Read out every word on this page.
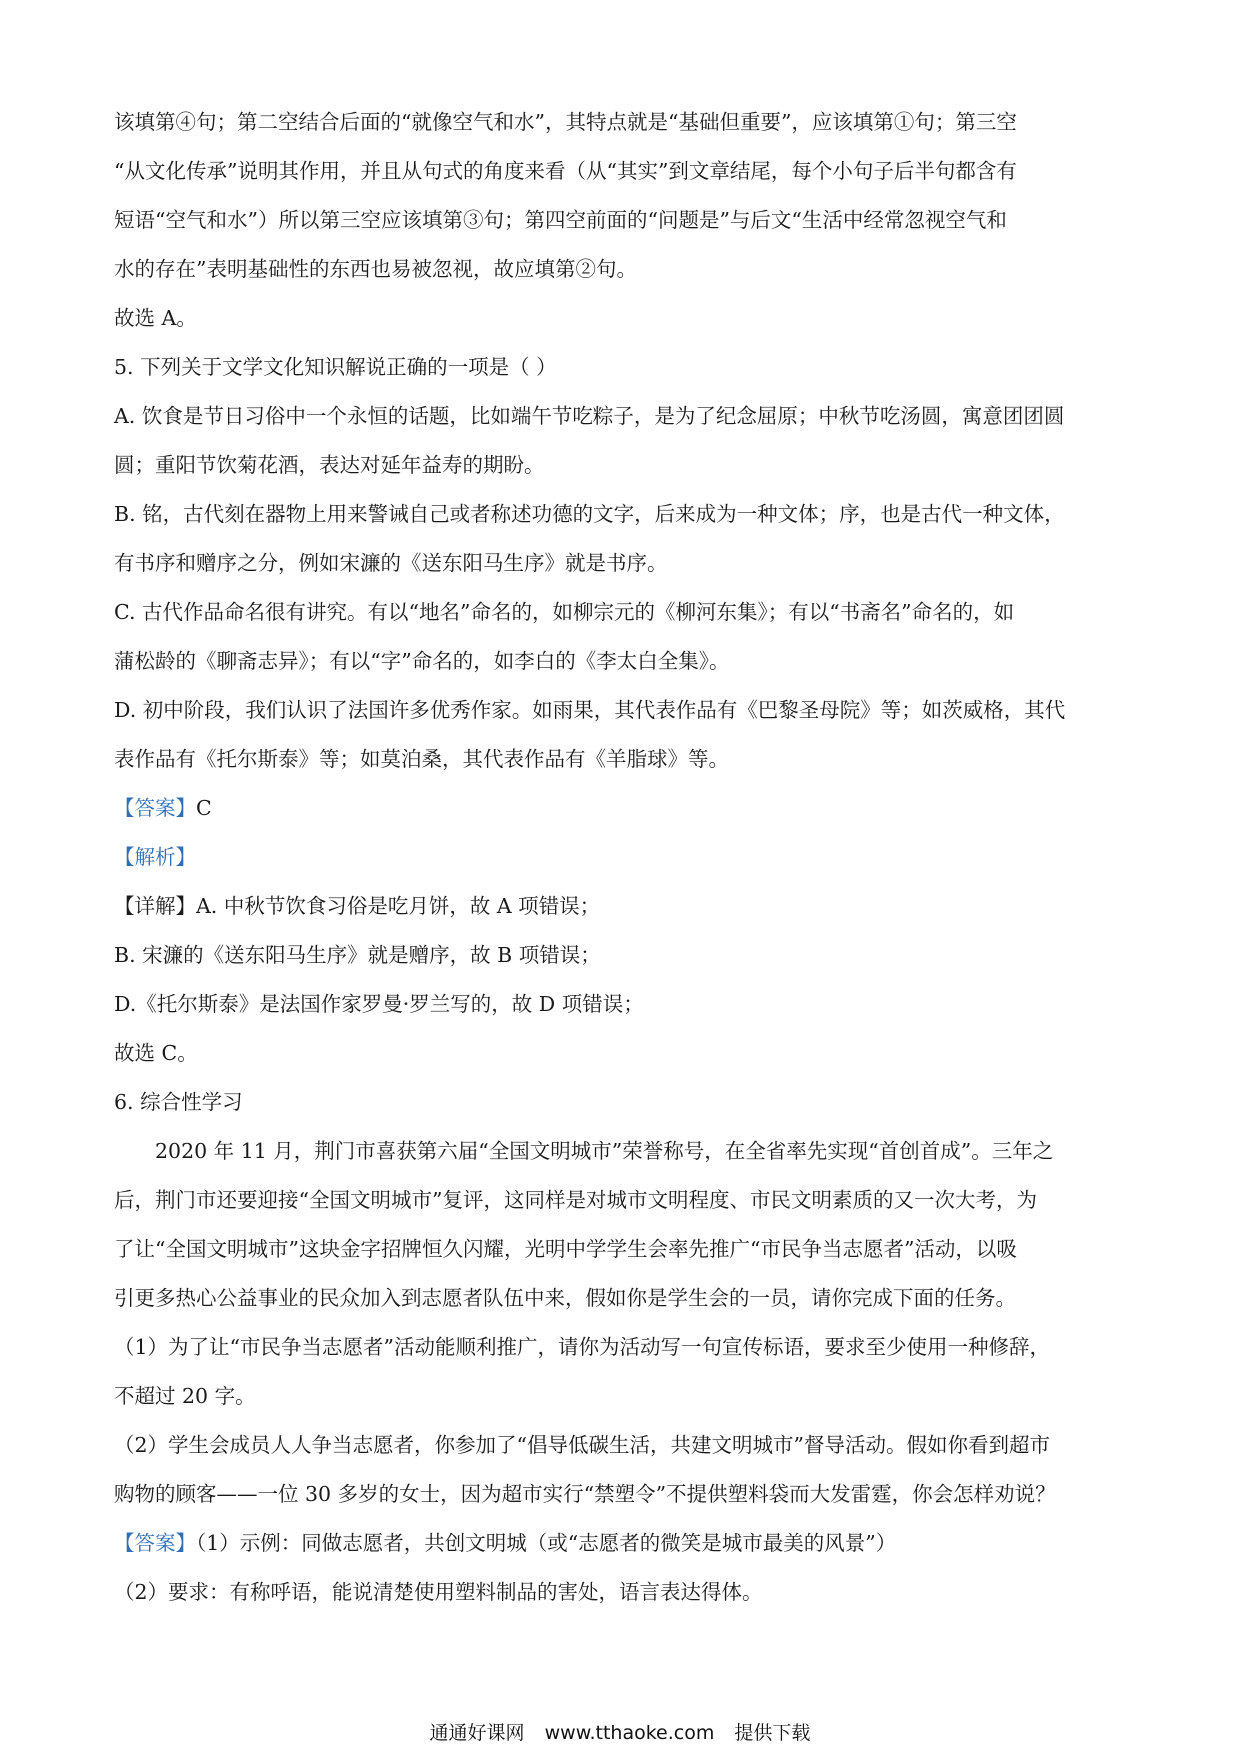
该填第④句；第二空结合后面的“就像空气和水”，其特点就是“基础但重要”，应该填第①句；第三空
“从文化传承”说明其作用，并且从句式的角度来看（从“其实”到文章结尾，每个小句子后半句都含有
短语“空气和水”）所以第三空应该填第③句；第四空前面的“问题是”与后文“生活中经常忽视空气和
水的存在”表明基础性的东西也易被忽视，故应填第②句。
故选 A。
5. 下列关于文学文化知识解说正确的一项是（ ）
A. 饮食是节日习俗中一个永恒的话题，比如端午节吃粽子，是为了纪念屈原；中秋节吃汤圆，寓意团团圆
圆；重阳节饮菊花酒，表达对延年益寿的期盼。
B. 铭，古代刻在器物上用来警诫自己或者称述功德的文字，后来成为一种文体；序，也是古代一种文体，
有书序和赠序之分，例如宋濂的《送东阳马生序》就是书序。
C. 古代作品命名很有讲究。有以“地名”命名的，如柳宗元的《柳河东集》；有以“书斋名”命名的，如
蒲松龄的《聊斋志异》；有以“字”命名的，如李白的《李太白全集》。
D. 初中阶段，我们认识了法国许多优秀作家。如雨果，其代表作品有《巴黎圣母院》等；如茨威格，其代
表作品有《托尔斯泰》等；如莫泊桑，其代表作品有《羊脂球》等。
【答案】C
【解析】
【详解】A. 中秋节饮食习俗是吃月饼，故 A 项错误；
B. 宋濂的《送东阳马生序》就是赠序，故 B 项错误；
D.《托尔斯泰》是法国作家罗曼·罗兰写的，故 D 项错误；
故选 C。
6. 综合性学习
2020 年 11 月，荆门市喜获第六届“全国文明城市”荣誉称号，在全省率先实现“首创首成”。三年之
后，荆门市还要迎接“全国文明城市”复评，这同样是对城市文明程度、市民文明素质的又一次大考，为
了让“全国文明城市”这块金字招牌恒久闪耀，光明中学学生会率先推广“市民争当志愿者”活动，以吸
引更多热心公益事业的民众加入到志愿者队伍中来，假如你是学生会的一员，请你完成下面的任务。
（1）为了让“市民争当志愿者”活动能顺利推广，请你为活动写一句宣传标语，要求至少使用一种修辞，
不超过 20 字。
（2）学生会成员人人争当志愿者，你参加了“倡导低碳生活，共建文明城市”督导活动。假如你看到超市
购物的顾客——一位 30 多岁的女士，因为超市实行“禁塑令”不提供塑料袋而大发雷霆，你会怎样劝说？
【答案】（1）示例：同做志愿者，共创文明城（或“志愿者的微笑是城市最美的风景”）
（2）要求：有称呼语，能说清楚使用塑料制品的害处，语言表达得体。
通通好课网 www.tthaoke.com 提供下载
